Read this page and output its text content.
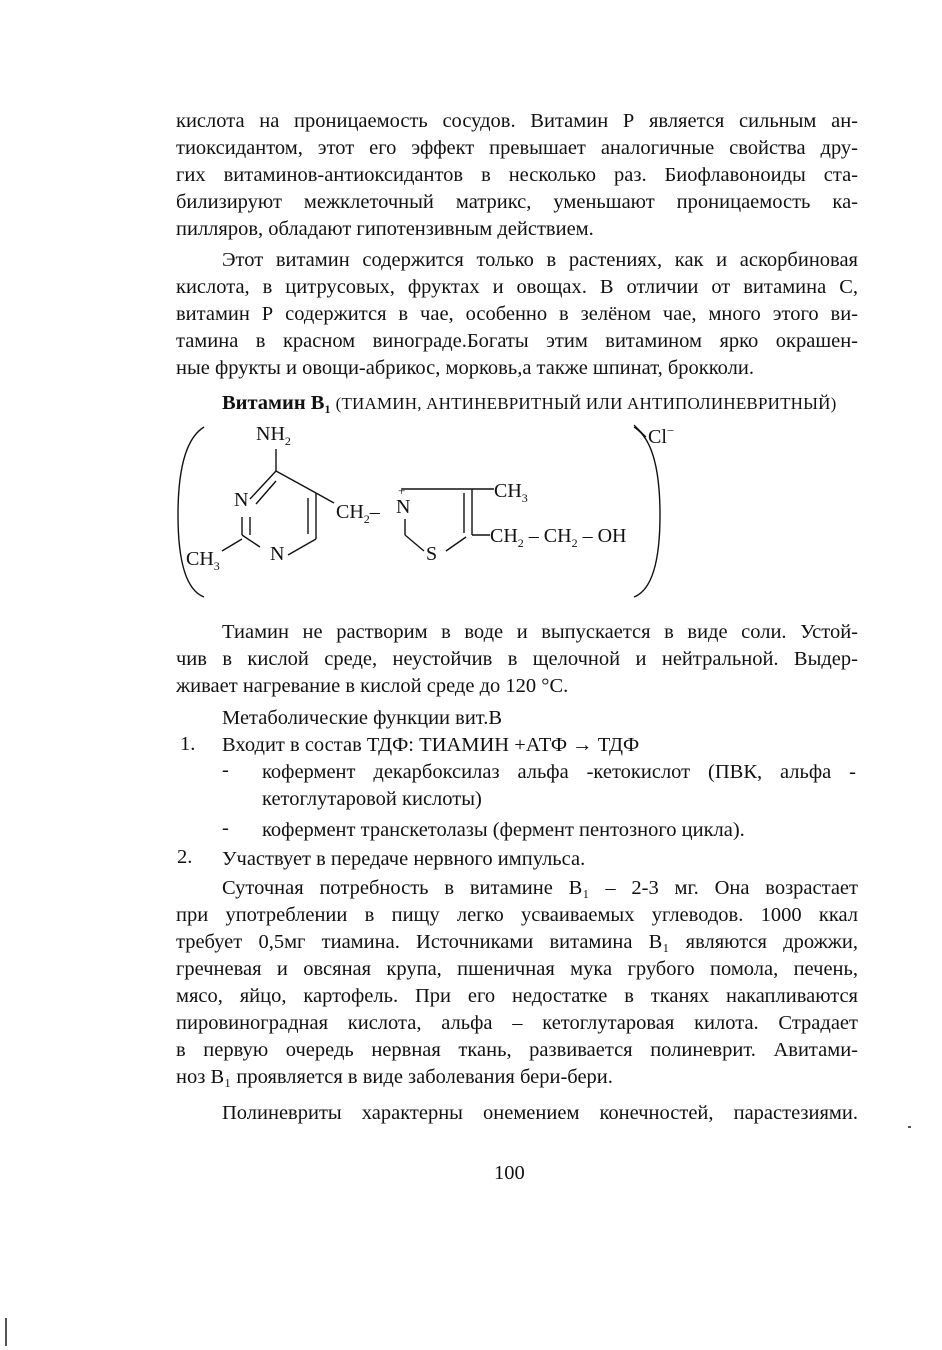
кислота на проницаемость сосудов. Витамин Р является сильным ан-
тиоксидантом, этот его эффект превышает аналогичные свойства дру-
гих витаминов-антиоксидантов в несколько раз. Биофлавоноиды ста-
билизируют межклеточный матрикс, уменьшают проницаемость ка-
пилляров, обладают гипотензивным действием.
Этот витамин содержится только в растениях, как и аскорбиновая
кислота, в цитрусовых, фруктах и овощах. В отличии от витамина С,
витамин Р содержится в чае, особенно в зелёном чае, много этого ви-
тамина в красном винограде.Богаты этим витамином ярко окрашен-
ные фрукты и овощи-абрикос, морковь,а также шпинат, брокколи.
Витамин $B_1$ (ТИАМИН, АНТИНЕВРИТНЫЙ ИЛИ АНТИПОЛИНЕВРИТНЫЙ)
$NH_2$
N
N
$CH_3$
$CH_2-$ N
+
S
$CH_3$
$CH_2 - CH_2$ – OH
Cl−
Тиамин не растворим в воде и выпускается в виде соли. Устой-
чив в кислой среде, неустойчив в щелочной и нейтральной. Выдер-
живает нагревание в кислой среде до 120 °С.
Метаболические функции вит.В
1. Входит в состав ТДФ: ТИАМИН +АТФ → ТДФ
- кофермент декарбоксилаз альфа -кетокислот (ПВК, альфа -
кетоглутаровой кислоты)
- кофермент транскетолазы (фермент пентозного цикла).
2. Участвует в передаче нервного импульса.
Суточная потребность в витамине В₁ – 2-3 мг. Она возрастает
при употреблении в пищу легко усваиваемых углеводов. 1000 ккал
требует 0,5мг тиамина. Источниками витамина В₁ являются дрожжи,
гречневая и овсяная крупа, пшеничная мука грубого помола, печень,
мясо, яйцо, картофель. При его недостатке в тканях накапливаются
пировиноградная кислота, альфа – кетоглутаровая килота. Страдает
в первую очередь нервная ткань, развивается полиневрит. Авитами-
ноз В₁ проявляется в виде заболевания бери-бери.
Полиневриты характерны онемением конечностей, парастезиями.
100
